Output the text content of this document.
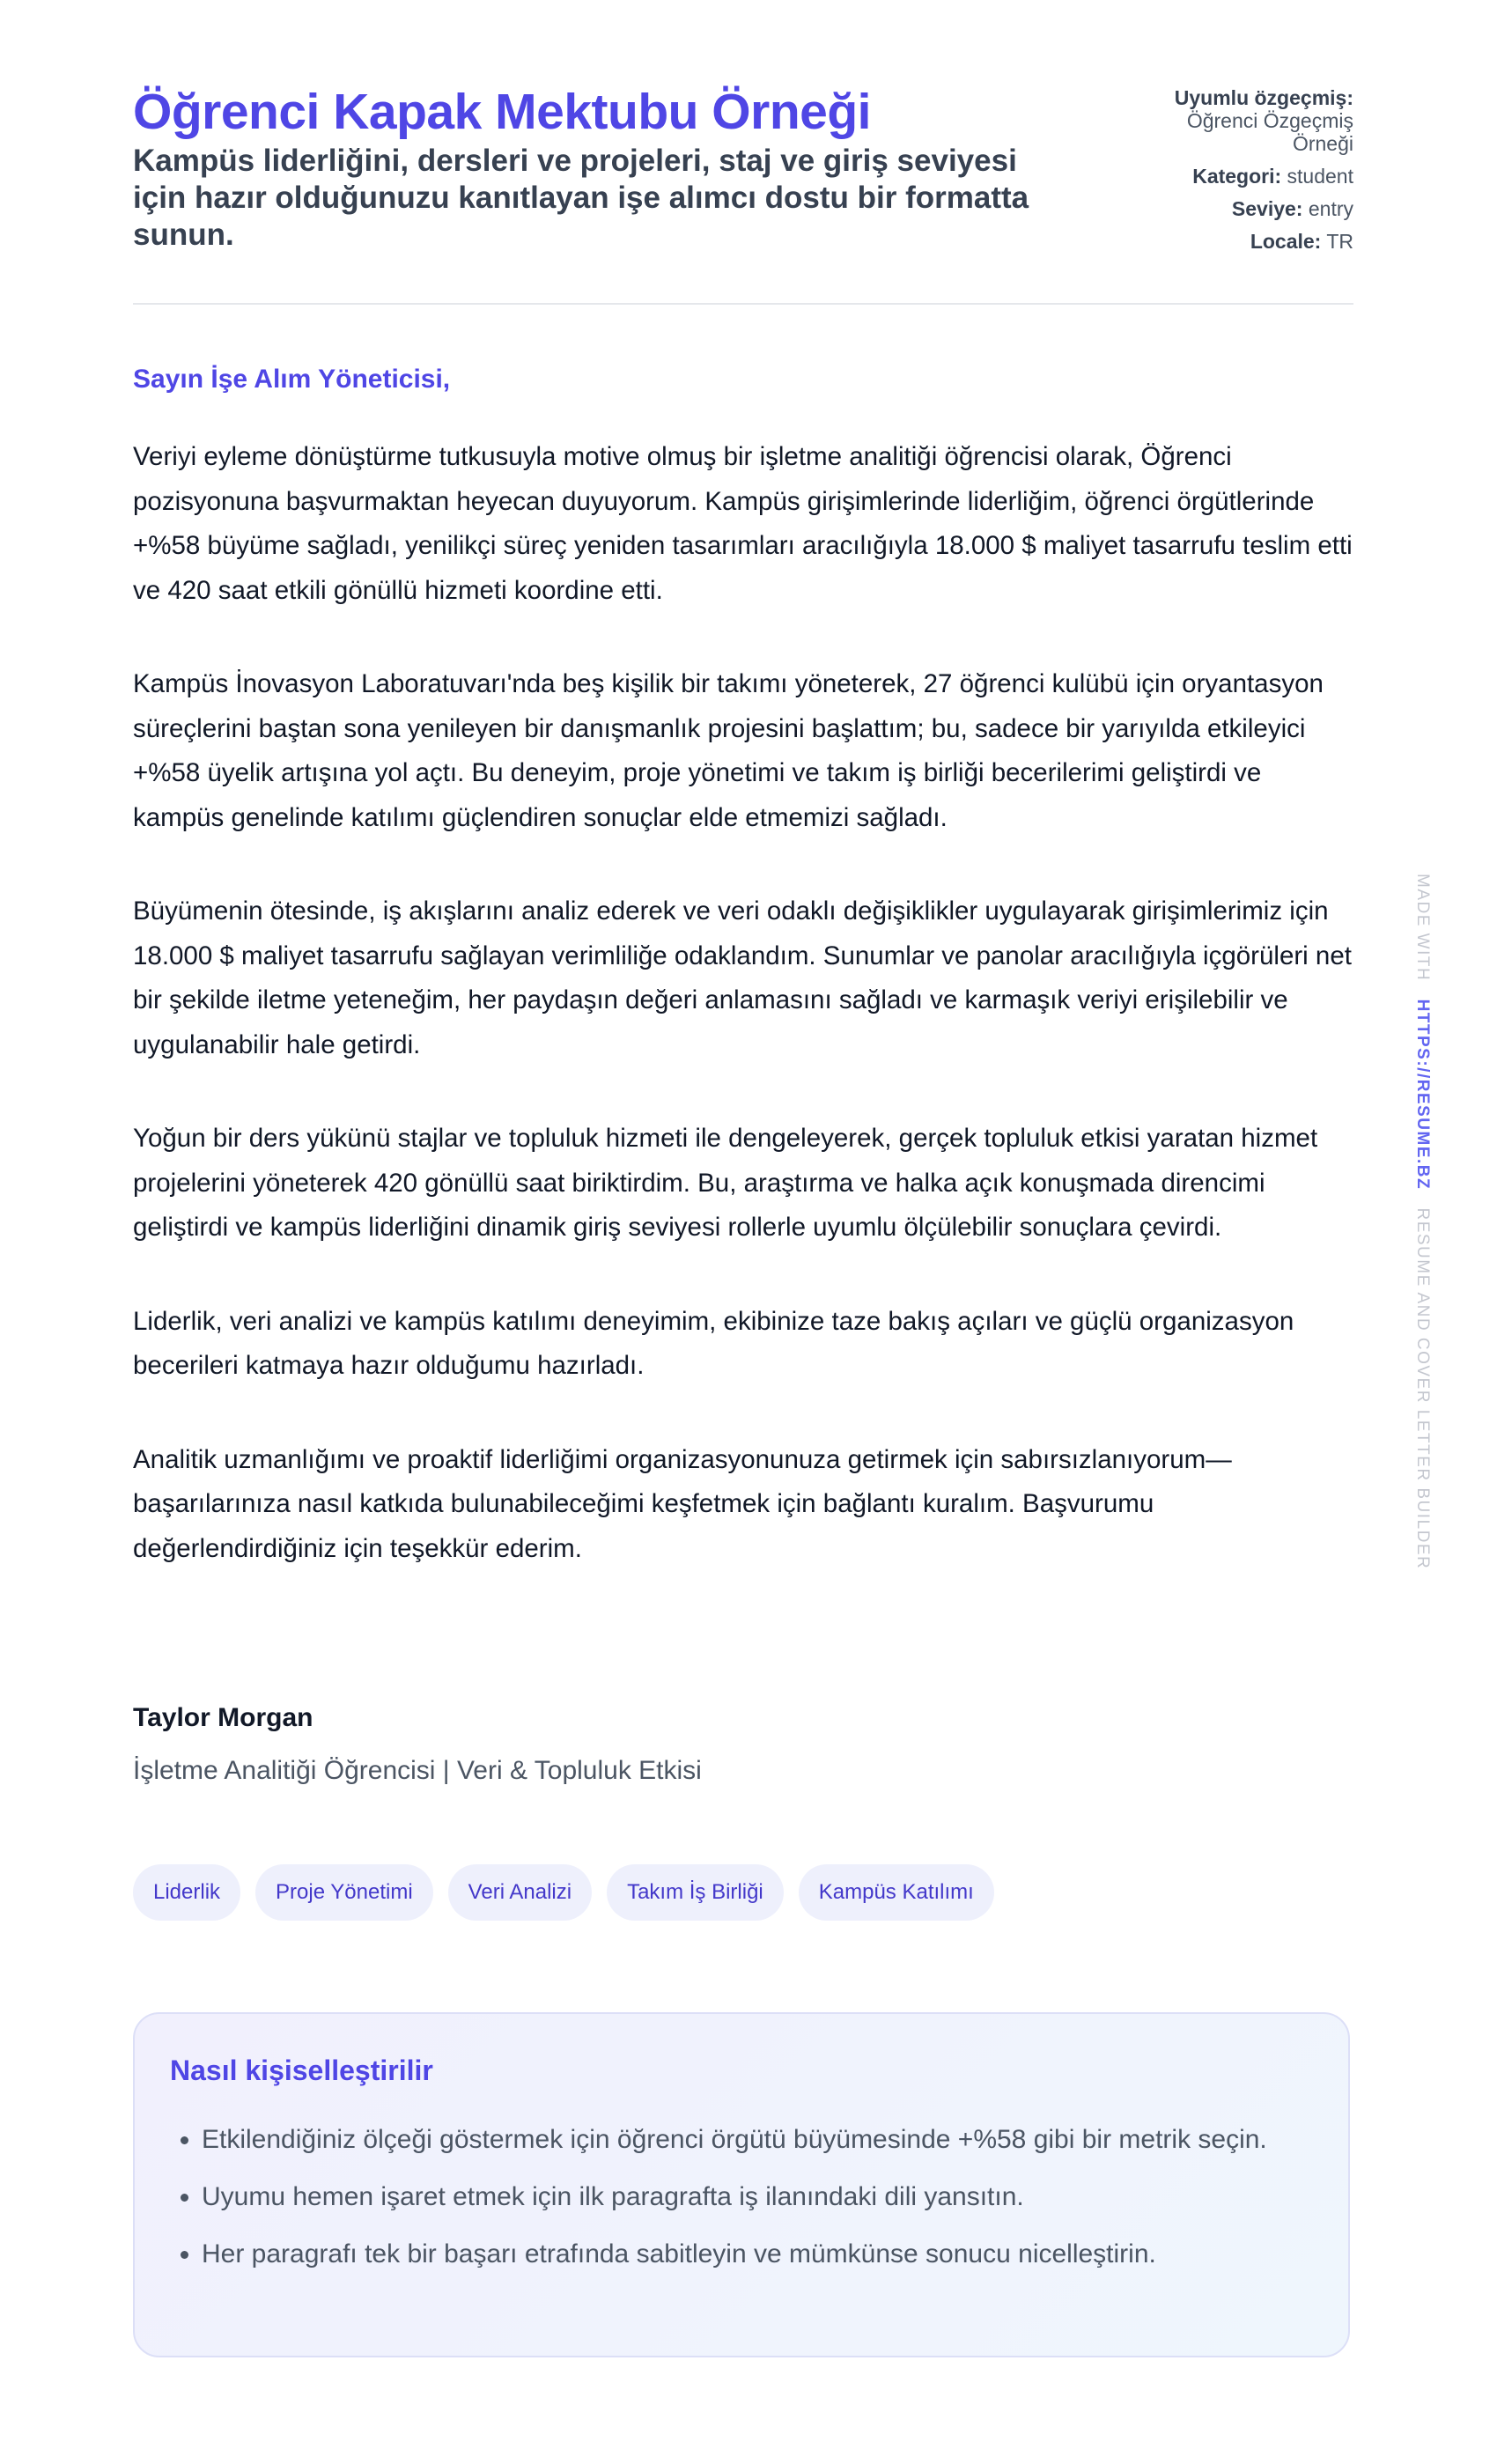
Öğrenci Kapak Mektubu Örneği

Kampüs liderliğini, dersleri ve projeleri, staj ve giriş seviyesi için hazır olduğunuzu kanıtlayan işe alımcı dostu bir formatta sunun.

Uyumlu özgeçmiş:
Öğrenci Özgeçmiş Örneği
Kategori: student
Seviye: entry
Locale: TR
Sayın İşe Alım Yöneticisi,

Veriyi eyleme dönüştürme tutkusuyla motive olmuş bir işletme analitiği öğrencisi olarak, Öğrenci pozisyonuna başvurmaktan heyecan duyuyorum. Kampüs girişimlerinde liderliğim, öğrenci örgütlerinde +%58 büyüme sağladı, yenilikçi süreç yeniden tasarımları aracılığıyla 18.000 $ maliyet tasarrufu teslim etti ve 420 saat etkili gönüllü hizmeti koordine etti.

Kampüs İnovasyon Laboratuvarı'nda beş kişilik bir takımı yöneterek, 27 öğrenci kulübü için oryantasyon süreçlerini baştan sona yenileyen bir danışmanlık projesini başlattım; bu, sadece bir yarıyılda etkileyici +%58 üyelik artışına yol açtı. Bu deneyim, proje yönetimi ve takım iş birliği becerilerimi geliştirdi ve kampüs genelinde katılımı güçlendiren sonuçlar elde etmemizi sağladı.

Büyümenin ötesinde, iş akışlarını analiz ederek ve veri odaklı değişiklikler uygulayarak girişimlerimiz için 18.000 $ maliyet tasarrufu sağlayan verimliliğe odaklandım. Sunumlar ve panolar aracılığıyla içgörüleri net bir şekilde iletme yeteneğim, her paydaşın değeri anlamasını sağladı ve karmaşık veriyi erişilebilir ve uygulanabilir hale getirdi.

Yoğun bir ders yükünü stajlar ve topluluk hizmeti ile dengeleyerek, gerçek topluluk etkisi yaratan hizmet projelerini yöneterek 420 gönüllü saat biriktirdim. Bu, araştırma ve halka açık konuşmada direncimi geliştirdi ve kampüs liderliğini dinamik giriş seviyesi rollerle uyumlu ölçülebilir sonuçlara çevirdi.

Liderlik, veri analizi ve kampüs katılımı deneyimim, ekibinize taze bakış açıları ve güçlü organizasyon becerileri katmaya hazır olduğumu hazırladı.

Analitik uzmanlığımı ve proaktif liderliğimi organizasyonunuza getirmek için sabırsızlanıyorum—başarılarınıza nasıl katkıda bulunabileceğimi keşfetmek için bağlantı kuralım. Başvurumu değerlendirdiğiniz için teşekkür ederim.

Taylor Morgan
İşletme Analitiği Öğrencisi | Veri & Topluluk Etkisi
Liderlik	Proje Yönetimi	Veri Analizi	Takım İş Birliği	Kampüs Katılımı
Nasıl kişiselleştirilir
• Etkilendiğiniz ölçeği göstermek için öğrenci örgütü büyümesinde +%58 gibi bir metrik seçin.
• Uyumu hemen işaret etmek için ilk paragrafta iş ilanındaki dili yansıtın.
• Her paragrafı tek bir başarı etrafında sabitleyin ve mümkünse sonucu nicelleştirin.
MADE WITH   HTTPS://RESUME.BZ   RESUME AND COVER LETTER BUILDER
